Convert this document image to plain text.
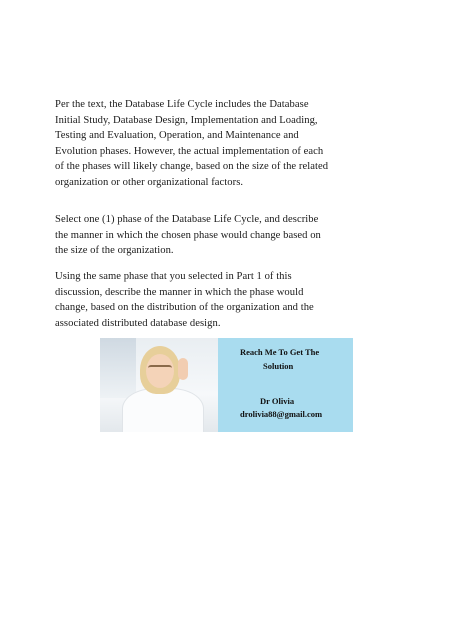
Per the text, the Database Life Cycle includes the Database
Initial Study, Database Design, Implementation and Loading,
Testing and Evaluation, Operation, and Maintenance and
Evolution phases. However, the actual implementation of each
of the phases will likely change, based on the size of the related
organization or other organizational factors.

Select one (1) phase of the Database Life Cycle, and describe
the manner in which the chosen phase would change based on
the size of the organization.

Using the same phase that you selected in Part 1 of this
discussion, describe the manner in which the phase would
change, based on the distribution of the organization and the
associated distributed database design.

Reach Me To Get The
Solution
Dr Olivia
drolivia88@gmail.com
